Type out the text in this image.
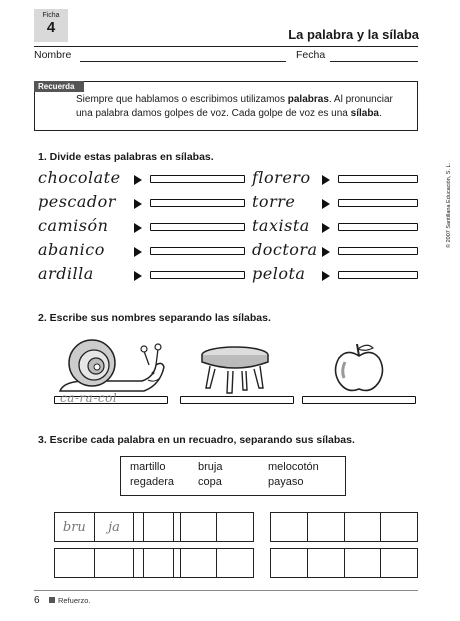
Ficha
4	La palabra y la sílaba
Nombre	Fecha
Recuerda
Siempre que hablamos o escribimos utilizamos palabras. Al pronunciar una palabra damos golpes de voz. Cada golpe de voz es una sílaba.
1. Divide estas palabras en sílabas.
chocolate	florero
pescador	torre
camisón	taxista
abanico	doctora
ardilla	pelota
© 2007 Santillana Educación, S. L.
2. Escribe sus nombres separando las sílabas.
ca-ra-col
3. Escribe cada palabra en un recuadro, separando sus sílabas.
martillo	bruja	melocotón
regadera copa	payaso
bru ja
6 Refuerzo.
